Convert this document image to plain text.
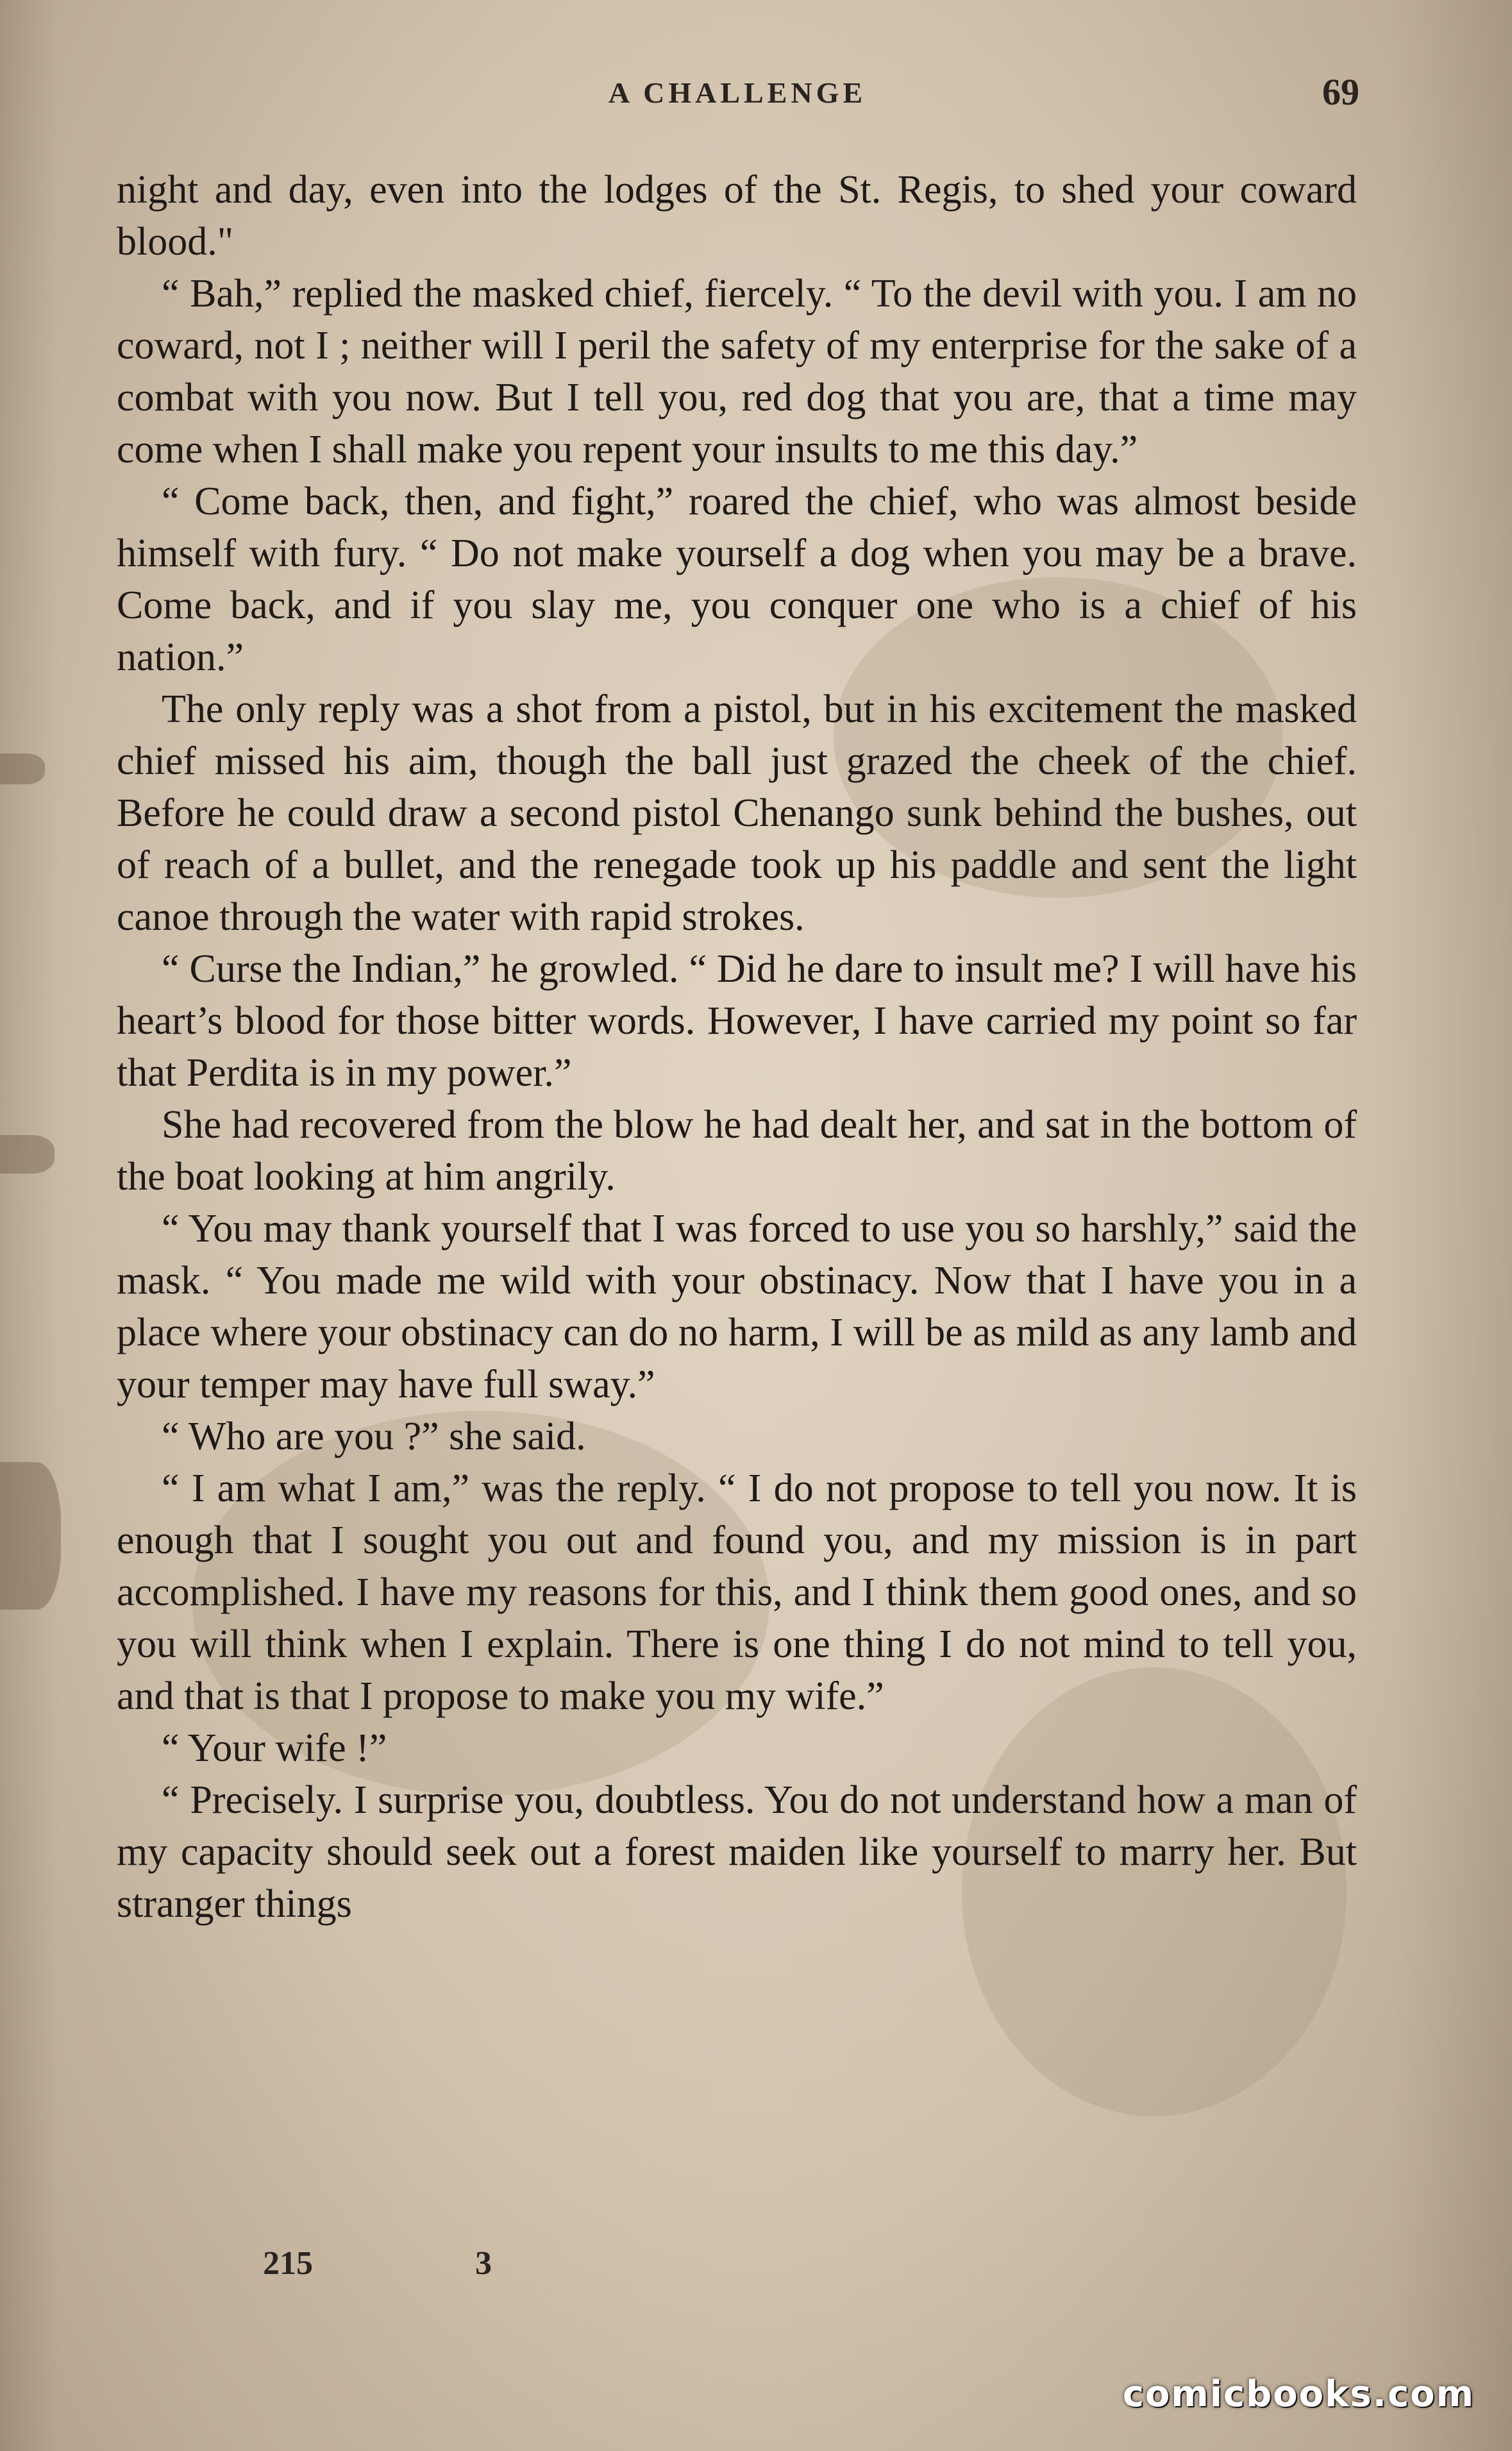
A CHALLENGE	69

night and day, even into the lodges of the St. Regis, to shed your coward blood."

“ Bah,” replied the masked chief, fiercely. “ To the devil with you. I am no coward, not I ; neither will I peril the safety of my enterprise for the sake of a combat with you now. But I tell you, red dog that you are, that a time may come when I shall make you repent your insults to me this day.”

“ Come back, then, and fight,” roared the chief, who was almost beside himself with fury. “ Do not make yourself a dog when you may be a brave. Come back, and if you slay me, you conquer one who is a chief of his nation.”

The only reply was a shot from a pistol, but in his excitement the masked chief missed his aim, though the ball just grazed the cheek of the chief. Before he could draw a second pistol Chenango sunk behind the bushes, out of reach of a bullet, and the renegade took up his paddle and sent the light canoe through the water with rapid strokes.

“ Curse the Indian,” he growled. “ Did he dare to insult me? I will have his heart’s blood for those bitter words. However, I have carried my point so far that Perdita is in my power.”

She had recovered from the blow he had dealt her, and sat in the bottom of the boat looking at him angrily.

“ You may thank yourself that I was forced to use you so harshly,” said the mask. “ You made me wild with your obstinacy. Now that I have you in a place where your obstinacy can do no harm, I will be as mild as any lamb and your temper may have full sway.”

“ Who are you ?” she said.

“ I am what I am,” was the reply. “ I do not propose to tell you now. It is enough that I sought you out and found you, and my mission is in part accomplished. I have my reasons for this, and I think them good ones, and so you will think when I explain. There is one thing I do not mind to tell you, and that is that I propose to make you my wife.”

“ Your wife !”

“ Precisely. I surprise you, doubtless. You do not understand how a man of my capacity should seek out a forest maiden like yourself to marry her. But stranger things

215	3
comicbooks.com
